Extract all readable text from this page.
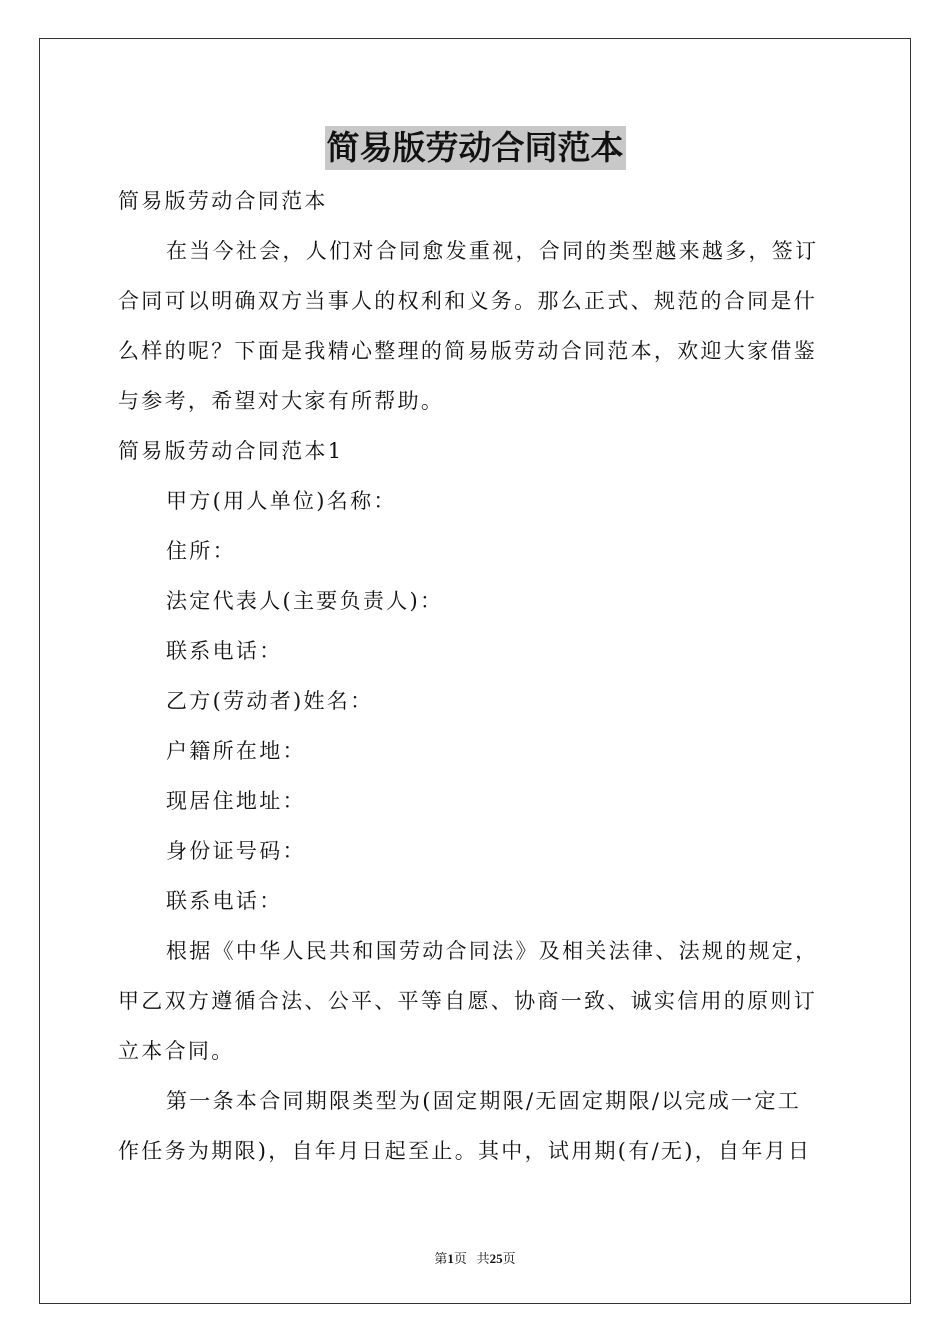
简易版劳动合同范本
简易版劳动合同范本
在当今社会，人们对合同愈发重视，合同的类型越来越多，签订
合同可以明确双方当事人的权利和义务。那么正式、规范的合同是什
么样的呢？下面是我精心整理的简易版劳动合同范本，欢迎大家借鉴
与参考，希望对大家有所帮助。
简易版劳动合同范本1
甲方(用人单位)名称：
住所：
法定代表人(主要负责人)：
联系电话：
乙方(劳动者)姓名：
户籍所在地：
现居住地址：
身份证号码：
联系电话：
根据《中华人民共和国劳动合同法》及相关法律、法规的规定，
甲乙双方遵循合法、公平、平等自愿、协商一致、诚实信用的原则订
立本合同。
第一条本合同期限类型为(固定期限/无固定期限/以完成一定工
作任务为期限)，自年月日起至止。其中，试用期(有/无)，自年月日
第1页 共25页
